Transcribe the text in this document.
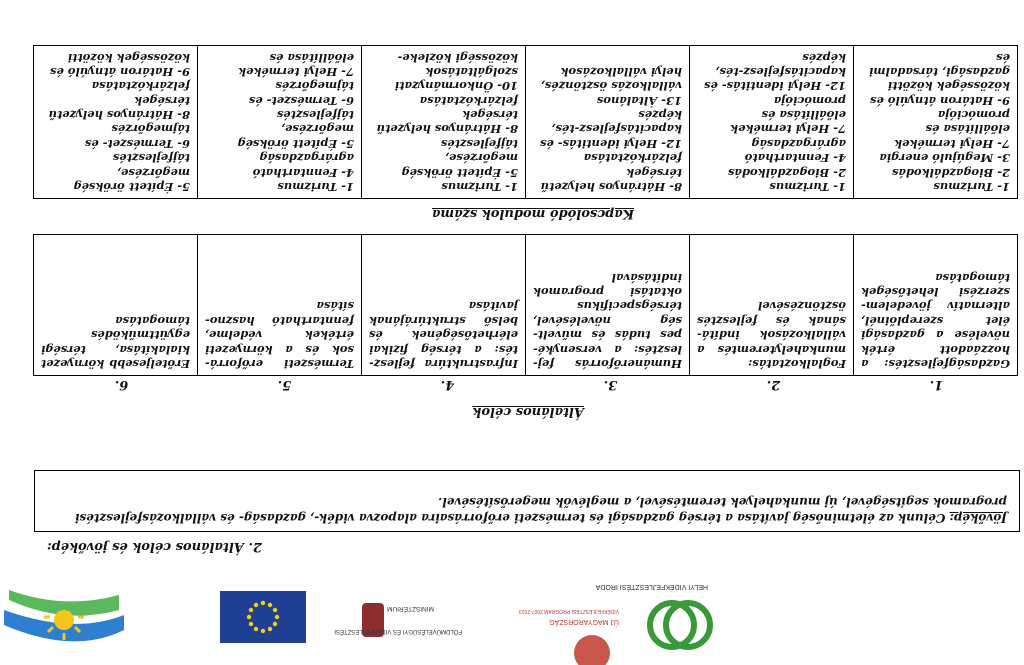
HELYI VIDÉKFEJLESZTÉSI IRODA
ÚJ MAGYARORSZÁG
VIDÉKFEJLESZTÉSI PROGRAM 2007-2013
FÖLDMŰVELÉSÜGYI ÉS VIDÉKFEJLESZTÉSI
MINISZTÉRIUM
2. Általános célok és jövőkép:
Jövőkép: Célunk az életminőség javítása a térség gazdasági és természeti erőforrásaira alapozva vidék-, gazdaság- és vállalkozásfejlesztési programok segítségével, új munkahelyek teremtésével, a meglévők megerősítésével.
Általános célok
1.	2.	3.	4.	5.	6.
Gazdaságfejlesztés: a hozzáadott érték növelése a gazdasági élet szereplőinél, alternatív jövedelem-szerzési lehetőségek támogatása	Foglalkoztatás: munkahelyteremtés a vállalkozások indítá-sának és fejlesztés ösztönzésével	Humánerőforrás fej-lesztés: a versenyké-pes tudás és művelt-ség növelésével, térségspecifikus oktatási programok indításával	Infrastruktúra fejlesz-tés: a térség fizikai elérhetőségének és belső struktúrájának javítása	Természeti erőforrá-sok és a környezeti értékek védelme, fenntartható haszno-sítása	Erőteljesebb környezet kialakítása, térségi együttműködés támogatása
Kapcsolódó modulok száma
1- Turizmus
2- Biogazdálkodás
3- Megújuló energia
7- Helyi termékek előállítása és promóciója
9- Határon átnyúló és közösségek közötti gazdasági, társadalmi és

1- Turizmus
2- Biogazdálkodás
4- Fenntartható agrárgazdaság
7- Helyi termékek előállítása és promóciója
12- Helyi identitás- és kapacitásfejlesz-tés, képzés

8- Hátrányos helyzetű térségek felzárkóztatása
12- Helyi identitás- és kapacitásfejlesz-tés, képzés
13- Általános vállalkozás ösztönzés, helyi vállalkozások

1- Turizmus
5- Épített örökség megőrzése, tájfejlesztés
8- Hátrányos helyzetű térségek felzárkóztatása
10- Önkormányzati szolgáltatások közösségi közleke-

1- Turizmus
4- Fenntartható agrárgazdaság
5- Épített örökség megőrzése, tájfejlesztés
6- Természet- és tájmegőrzés
7- Helyi termékek előállítása és

5- Épített örökség megőrzése, tájfejlesztés
6- Természet- és tájmegőrzés
8- Hátrányos helyzetű térségek felzárkóztatása
9- Határon átnyúló és közösségek közötti
